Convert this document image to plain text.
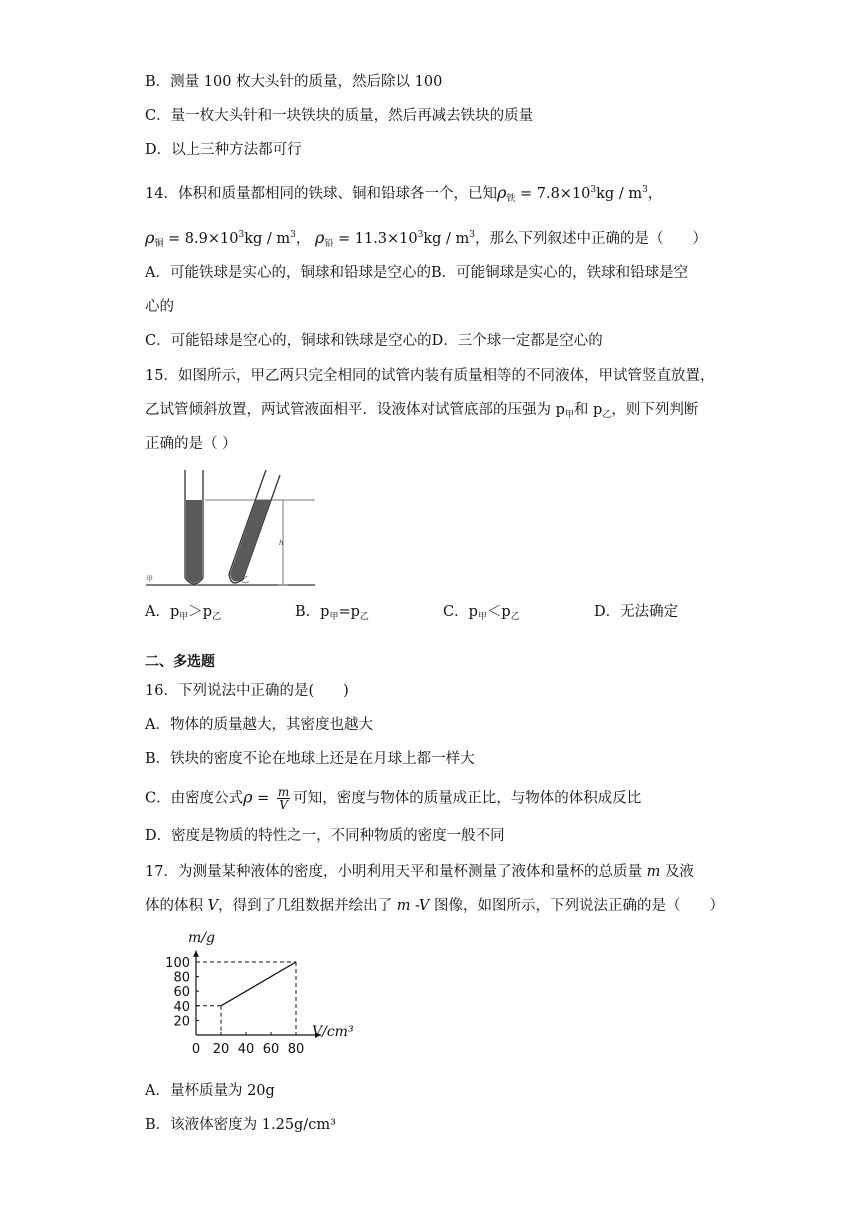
B．测量 100 枚大头针的质量，然后除以 100
C．量一枚大头针和一块铁块的质量，然后再减去铁块的质量
D．以上三种方法都可行
14．体积和质量都相同的铁球、铜和铅球各一个，已知$\rho_铁 = 7.8\times 10^3kg / m^3$，
$\rho_铜 = 8.9\times 10^3kg / m^3$， $\rho_铅 = 11.3\times 10^3kg / m^3$，那么下列叙述中正确的是（　　）
A．可能铁球是实心的，铜球和铅球是空心的B．可能铜球是实心的，铁球和铅球是空
心的
C．可能铅球是空心的，铜球和铁球是空心的D．三个球一定都是空心的
15．如图所示，甲乙两只完全相同的试管内装有质量相等的不同液体，甲试管竖直放置，
乙试管倾斜放置，两试管液面相平．设液体对试管底部的压强为 $p_甲$和 $p_乙$，则下列判断
正确的是（ ）
甲	乙
h
A．$p_甲>p_乙$	B．$p_甲=p_乙$	C．$p_甲<p_乙$	D．无法确定
二、多选题
16．下列说法中正确的是(　　)
A．物体的质量越大，其密度也越大
B．铁块的密度不论在地球上还是在月球上都一样大
C．由密度公式$\rho = \frac{m}{V}$ 可知，密度与物体的质量成正比，与物体的体积成反比
D．密度是物质的特性之一，不同种物质的密度一般不同
17．为测量某种液体的密度，小明利用天平和量杯测量了液体和量杯的总质量 m 及液
体的体积 V，得到了几组数据并绘出了 m -V 图像，如图所示，下列说法正确的是（　　）
0 20 40 60 80
20
40
60
80
100
m/g
V/cm³
A．量杯质量为 20g
B．该液体密度为 1.25g/cm³
